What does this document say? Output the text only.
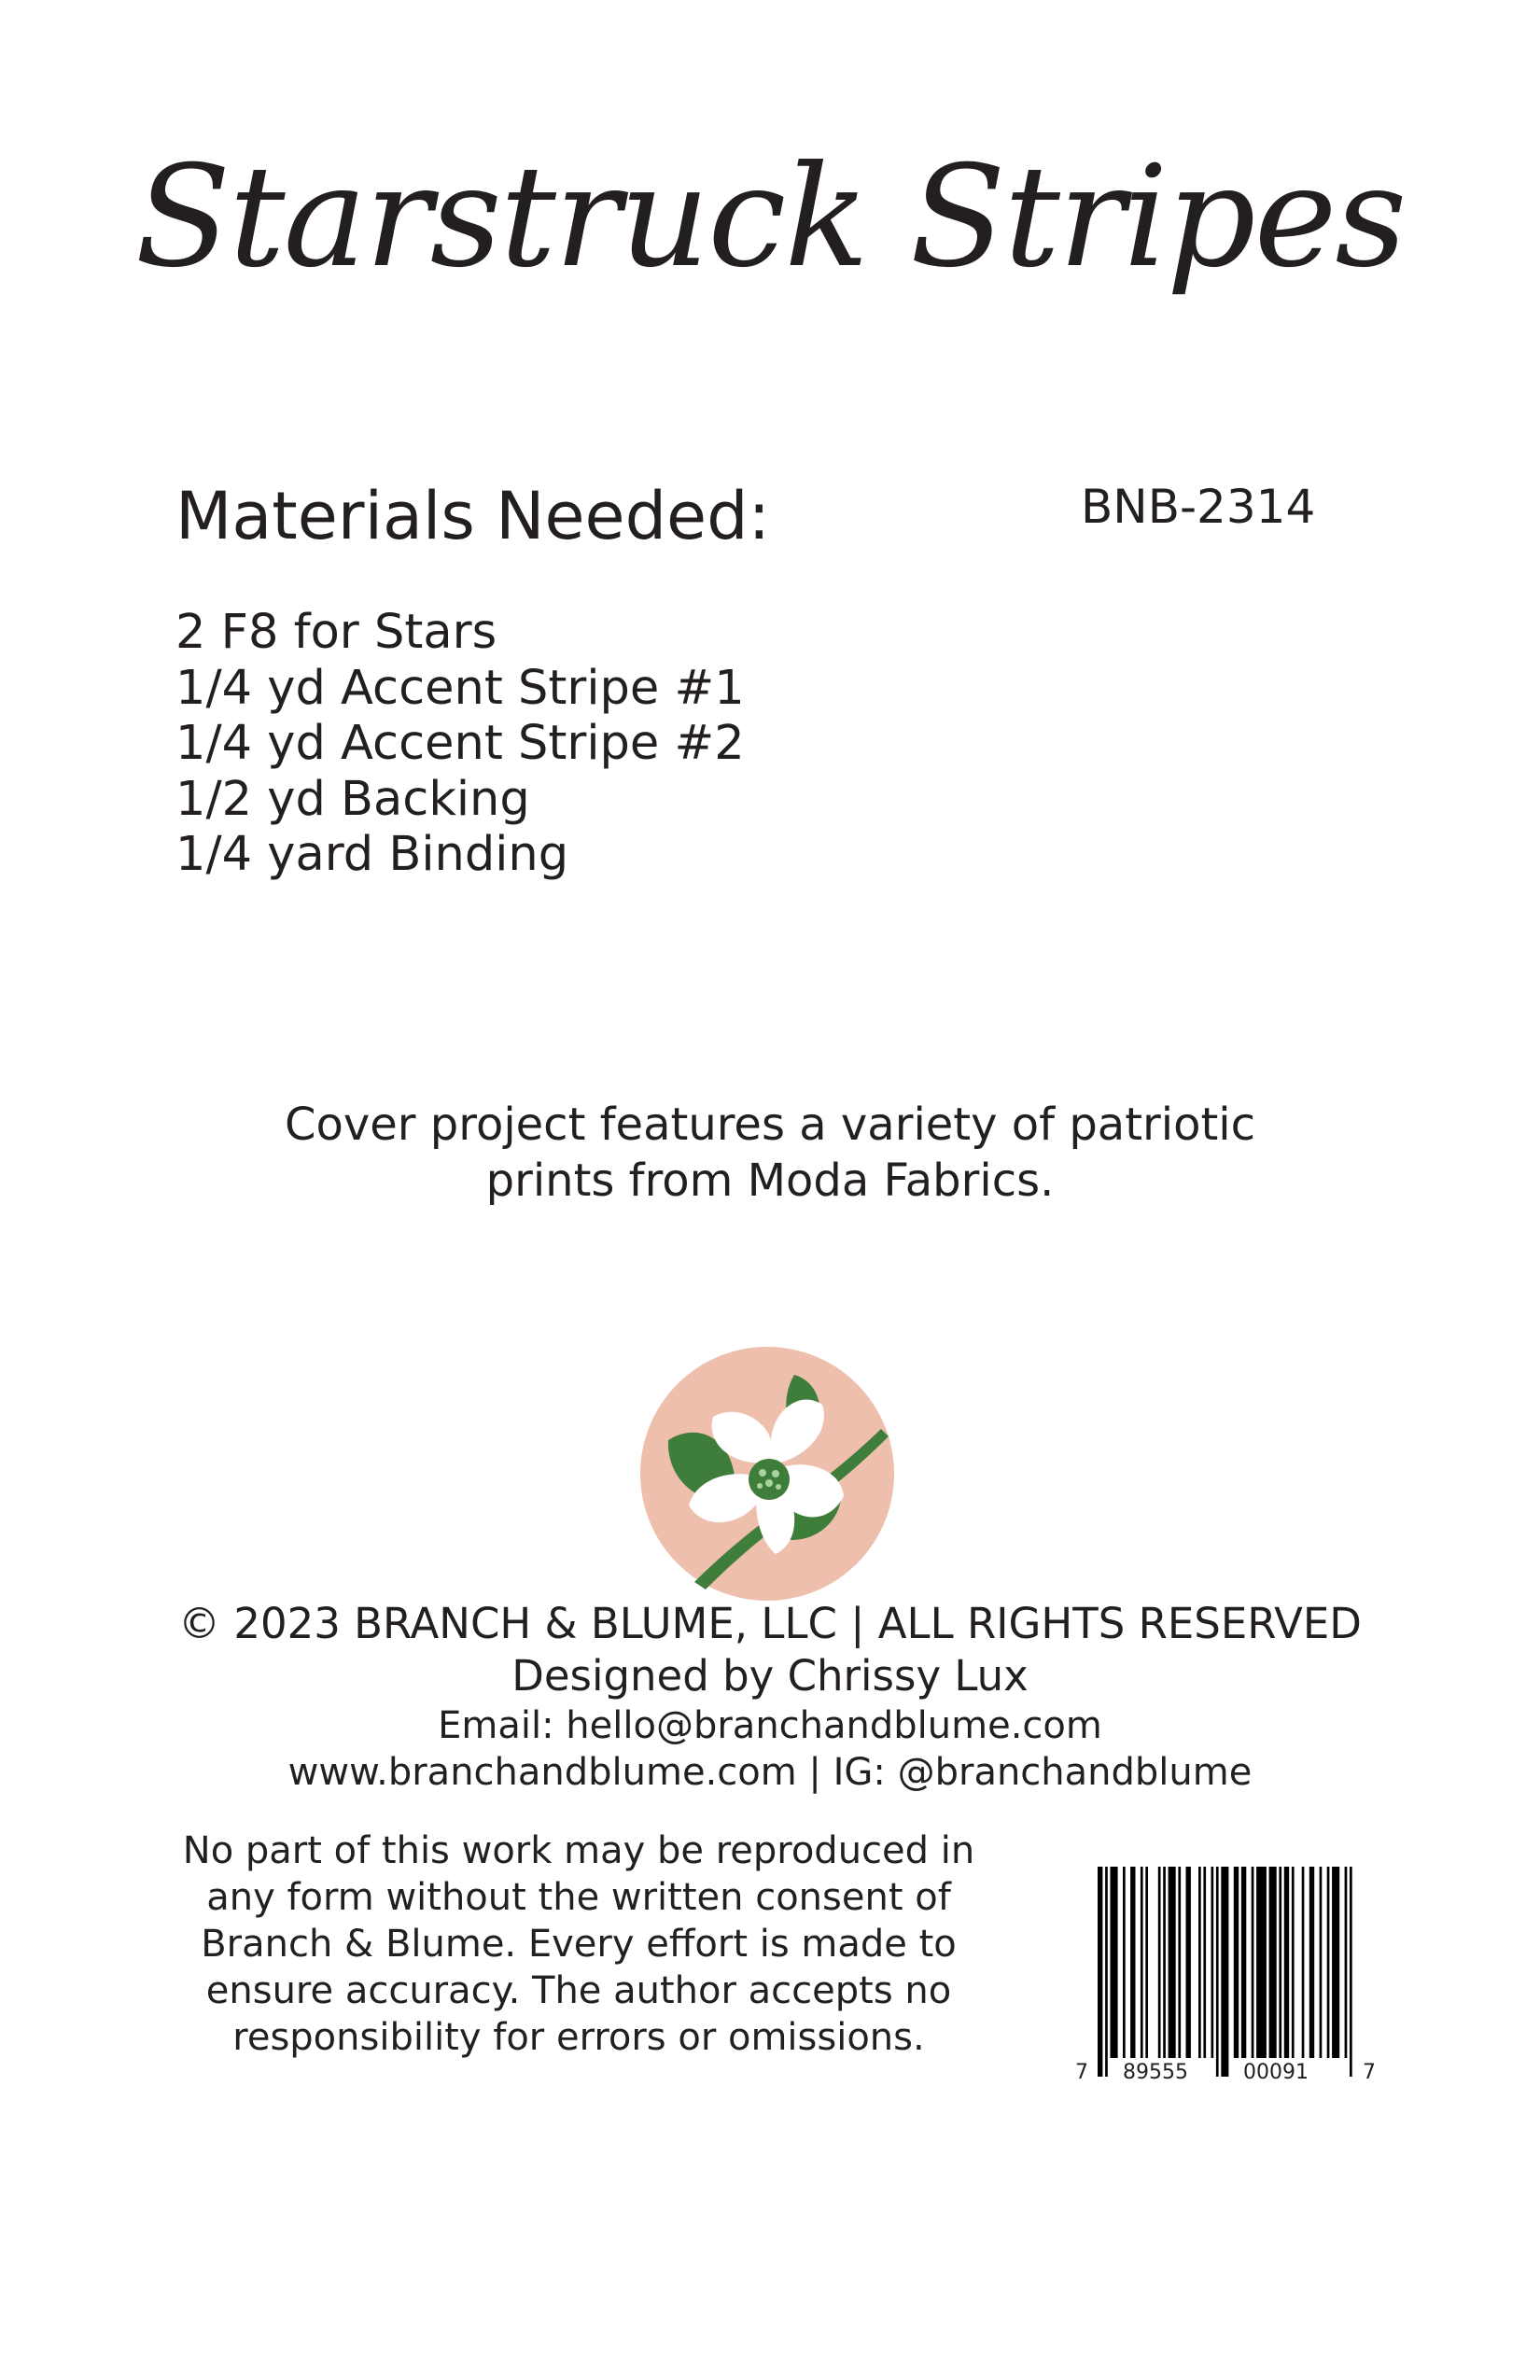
Starstruck Stripes
Materials Needed:	BNB-2314
2 F8 for Stars
1/4 yd Accent Stripe #1
1/4 yd Accent Stripe #2
1/2 yd Backing
1/4 yard Binding
Cover project features a variety of patriotic
prints from Moda Fabrics.
© 2023 BRANCH & BLUME, LLC | ALL RIGHTS RESERVED
Designed by Chrissy Lux
Email: hello@branchandblume.com
www.branchandblume.com | IG: @branchandblume
No part of this work may be reproduced in
any form without the written consent of
Branch & Blume. Every effort is made to
ensure accuracy. The author accepts no
responsibility for errors or omissions.
7 89555	00091	7
